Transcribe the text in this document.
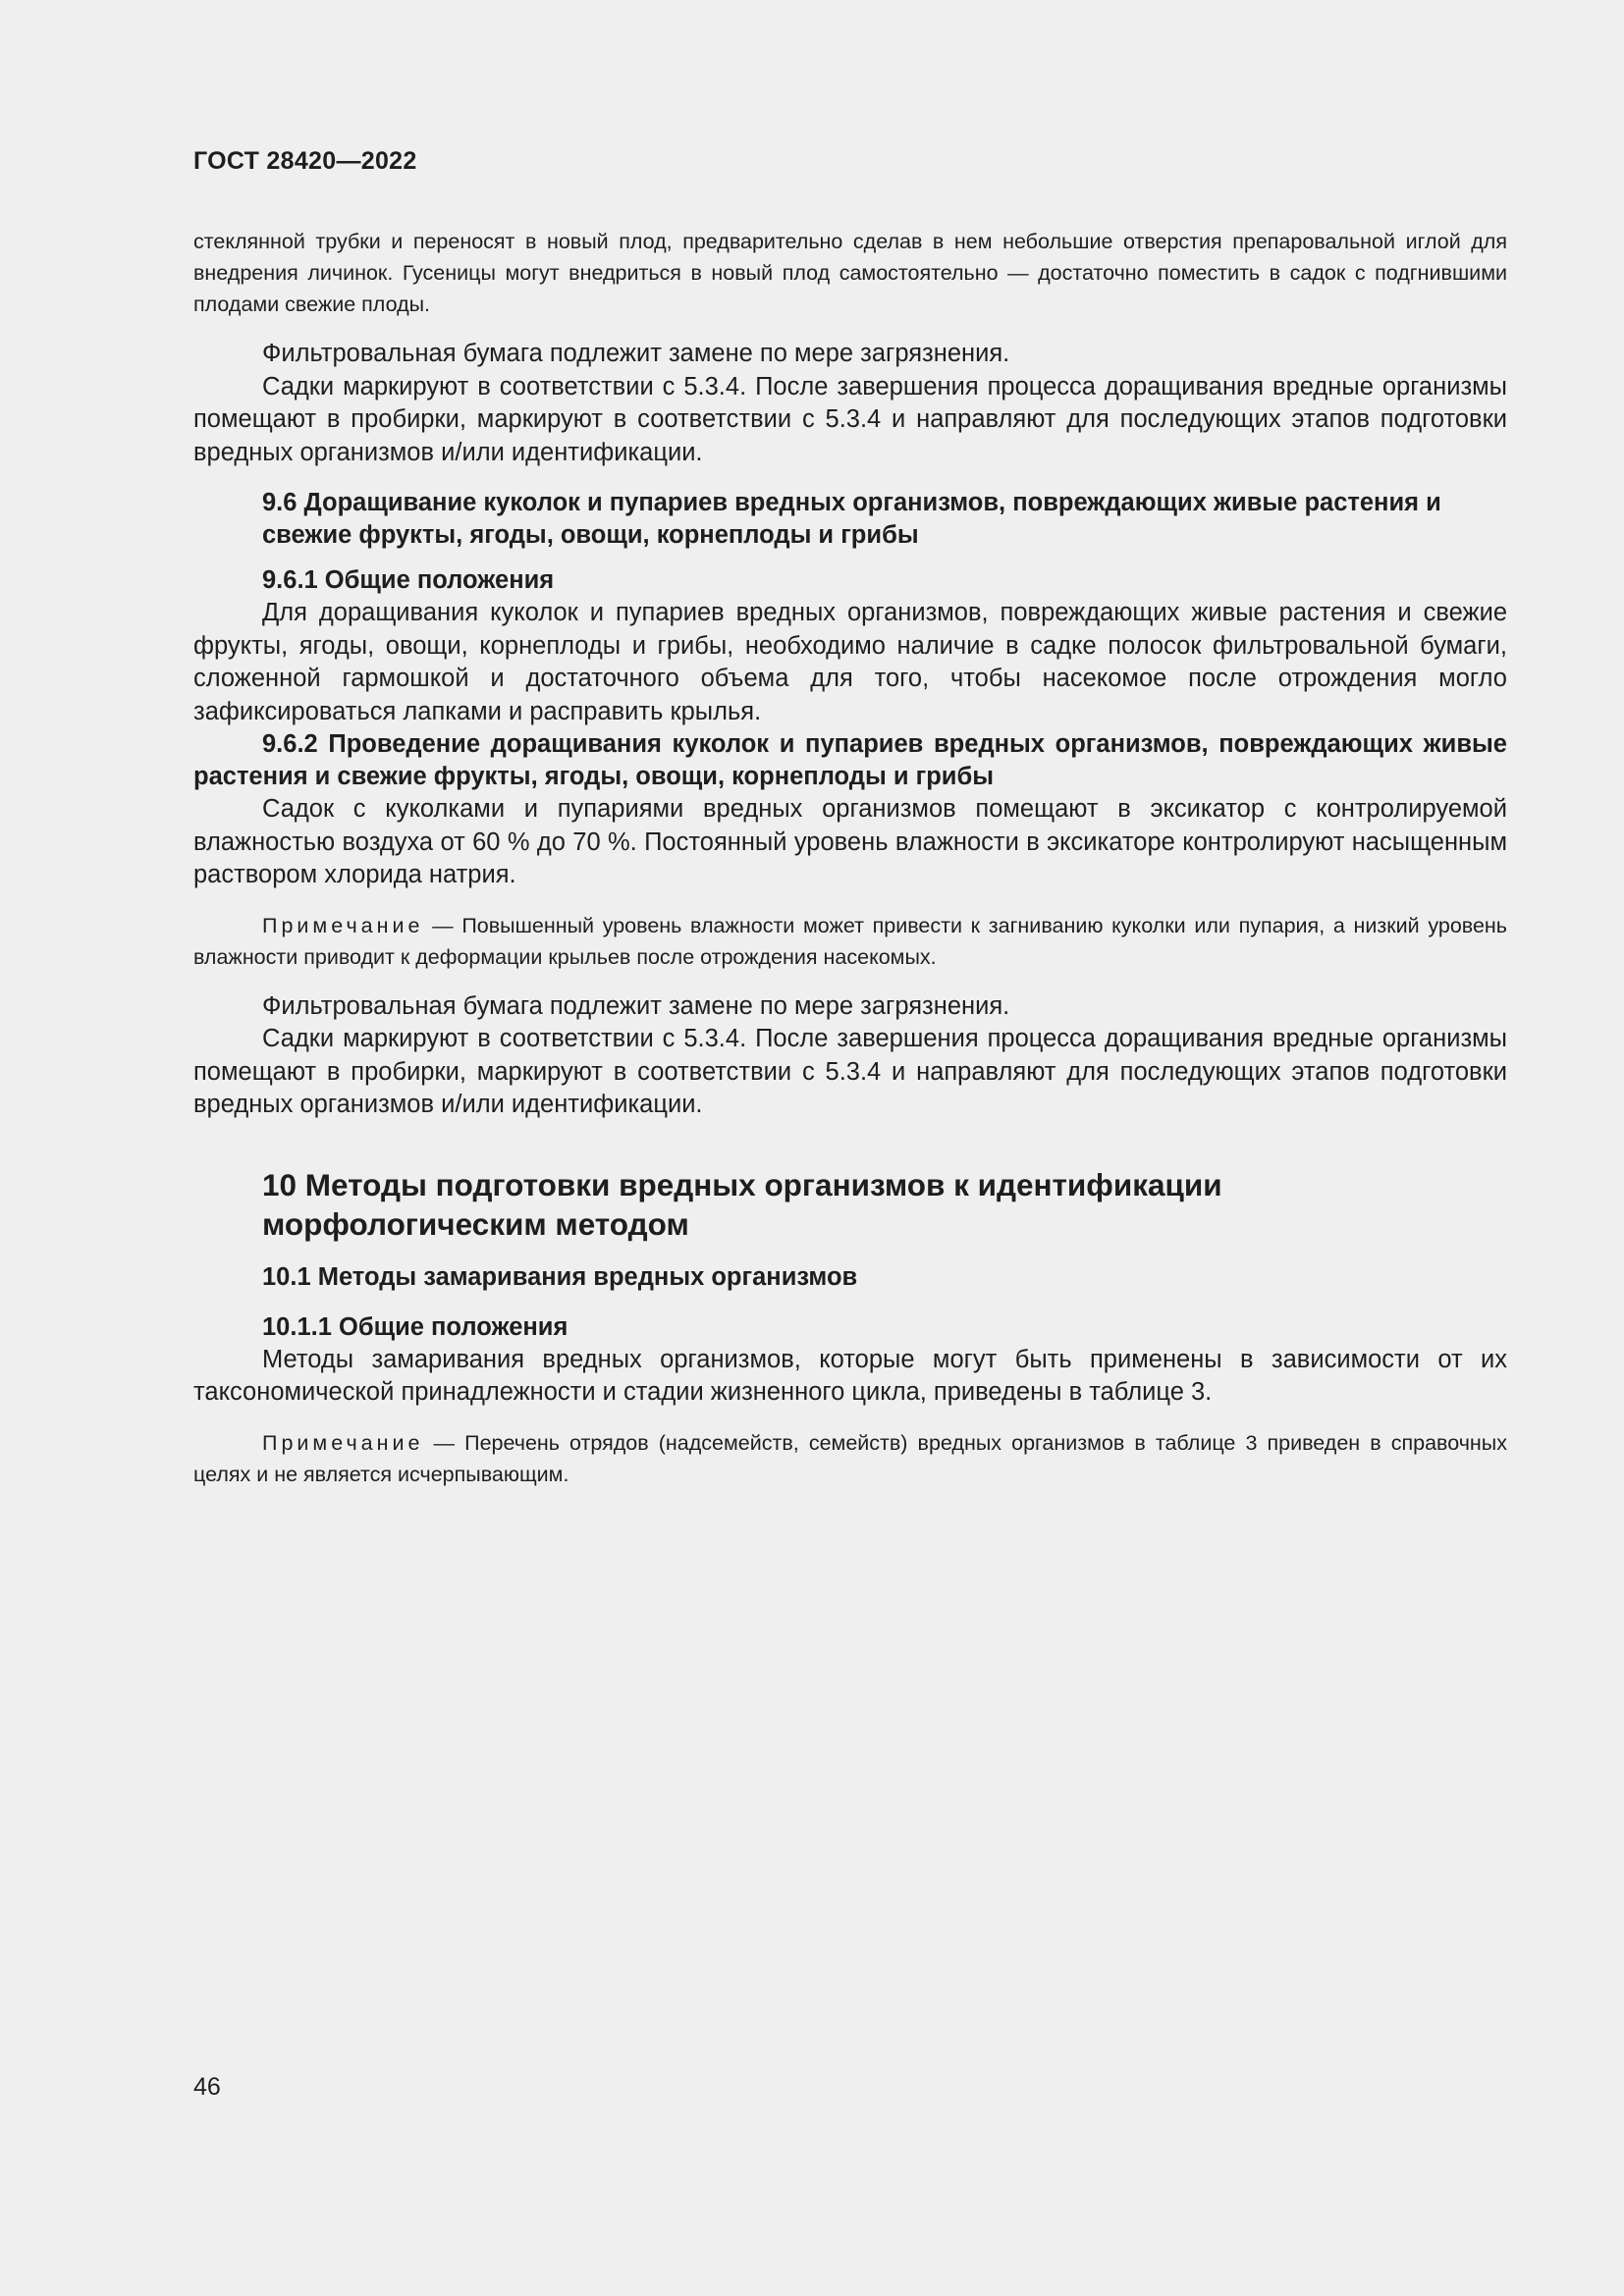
ГОСТ 28420—2022

стеклянной трубки и переносят в новый плод, предварительно сделав в нем небольшие отверстия препаровальной иглой для внедрения личинок. Гусеницы могут внедриться в новый плод самостоятельно — достаточно поместить в садок с подгнившими плодами свежие плоды.

Фильтровальная бумага подлежит замене по мере загрязнения.

Садки маркируют в соответствии с 5.3.4. После завершения процесса доращивания вредные организмы помещают в пробирки, маркируют в соответствии с 5.3.4 и направляют для последующих этапов подготовки вредных организмов и/или идентификации.

9.6 Доращивание куколок и пупариев вредных организмов, повреждающих живые растения и свежие фрукты, ягоды, овощи, корнеплоды и грибы

9.6.1 Общие положения

Для доращивания куколок и пупариев вредных организмов, повреждающих живые растения и свежие фрукты, ягоды, овощи, корнеплоды и грибы, необходимо наличие в садке полосок фильтровальной бумаги, сложенной гармошкой и достаточного объема для того, чтобы насекомое после отрождения могло зафиксироваться лапками и расправить крылья.

9.6.2 Проведение доращивания куколок и пупариев вредных организмов, повреждающих живые растения и свежие фрукты, ягоды, овощи, корнеплоды и грибы

Садок с куколками и пупариями вредных организмов помещают в эксикатор с контролируемой влажностью воздуха от 60 % до 70 %. Постоянный уровень влажности в эксикаторе контролируют насыщенным раствором хлорида натрия.

Примечание — Повышенный уровень влажности может привести к загниванию куколки или пупария, а низкий уровень влажности приводит к деформации крыльев после отрождения насекомых.

Фильтровальная бумага подлежит замене по мере загрязнения.

Садки маркируют в соответствии с 5.3.4. После завершения процесса доращивания вредные организмы помещают в пробирки, маркируют в соответствии с 5.3.4 и направляют для последующих этапов подготовки вредных организмов и/или идентификации.

10 Методы подготовки вредных организмов к идентификации морфологическим методом

10.1 Методы замаривания вредных организмов

10.1.1 Общие положения

Методы замаривания вредных организмов, которые могут быть применены в зависимости от их таксономической принадлежности и стадии жизненного цикла, приведены в таблице 3.

Примечание — Перечень отрядов (надсемейств, семейств) вредных организмов в таблице 3 приведен в справочных целях и не является исчерпывающим.

46
